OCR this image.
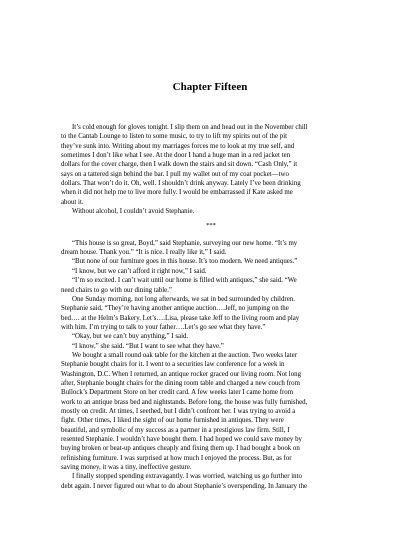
Chapter Fifteen

It’s cold enough for gloves tonight. I slip them on and head out in the November chill

to the Cantab Lounge to listen to some music, to try to lift my spirits out of the pit

they’ve sunk into. Writing about my marriages forces me to look at my true self, and

sometimes I don’t like what I see. At the door I hand a huge man in a red jacket ten

dollars for the cover charge, then I walk down the stairs and sit down. “Cash Only,” it

says on a tattered sign behind the bar. I pull my wallet out of my coat pocket—two

dollars. That won’t do it. Oh, well. I shouldn’t drink anyway. Lately I’ve been drinking

when it did not help me to live more fully. I would be embarrassed if Kate asked me

about it.

Without alcohol, I couldn’t avoid Stephanie.

***

“This house is so great, Boyd,” said Stephanie, surveying our new home. “It’s my

dream house. Thank you.” “It is nice. I really like it,” I said.

“But none of our furniture goes in this house. It’s too modern. We need antiques.”

“I know, but we can’t afford it right now,” I said.

“I’m so excited. I can’t wait until our home is filled with antiques,” she said. “We

need chairs to go with our dining table.”

One Sunday morning, not long afterwards, we sat in bed surrounded by children.

Stephanie said, “They’re having another antique auction….Jeff, no jumping on the

bed…. at the Helm’s Bakery. Let’s….Lisa, please take Jeff to the living room and play

with him. I’m trying to talk to your father….Let’s go see what they have.”

“Okay, but we can’t buy anything,” I said.

“I know,” she said. “But I want to see what they have.”

We bought a small round oak table for the kitchen at the auction. Two weeks later

Stephanie bought chairs for it. I went to a securities law conference for a week in

Washington, D.C. When I returned, an antique rocker graced our living room. Not long

after, Stephanie bought chairs for the dining room table and charged a new couch from

Bullock’s Department Store on her credit card. A few weeks later I came home from

work to an antique brass bed and nightstands. Before long, the house was fully furnished,

mostly on credit. At times, I seethed, but I didn’t confront her. I was trying to avoid a

fight. Other times, I liked the sight of our home furnished in antiques. They were

beautiful, and symbolic of my success as a partner in a prestigious law firm. Still, I

resented Stephanie. I wouldn’t have bought them. I had hoped we could save money by

buying broken or beat-up antiques cheaply and fixing them up. I had bought a book on

refinishing furniture. I was surprised at how much I enjoyed the process. But, as for

saving money, it was a tiny, ineffective gesture.

I finally stopped spending extravagantly. I was worried, watching us go further into

debt again. I never figured out what to do about Stephanie’s overspending. In January the
